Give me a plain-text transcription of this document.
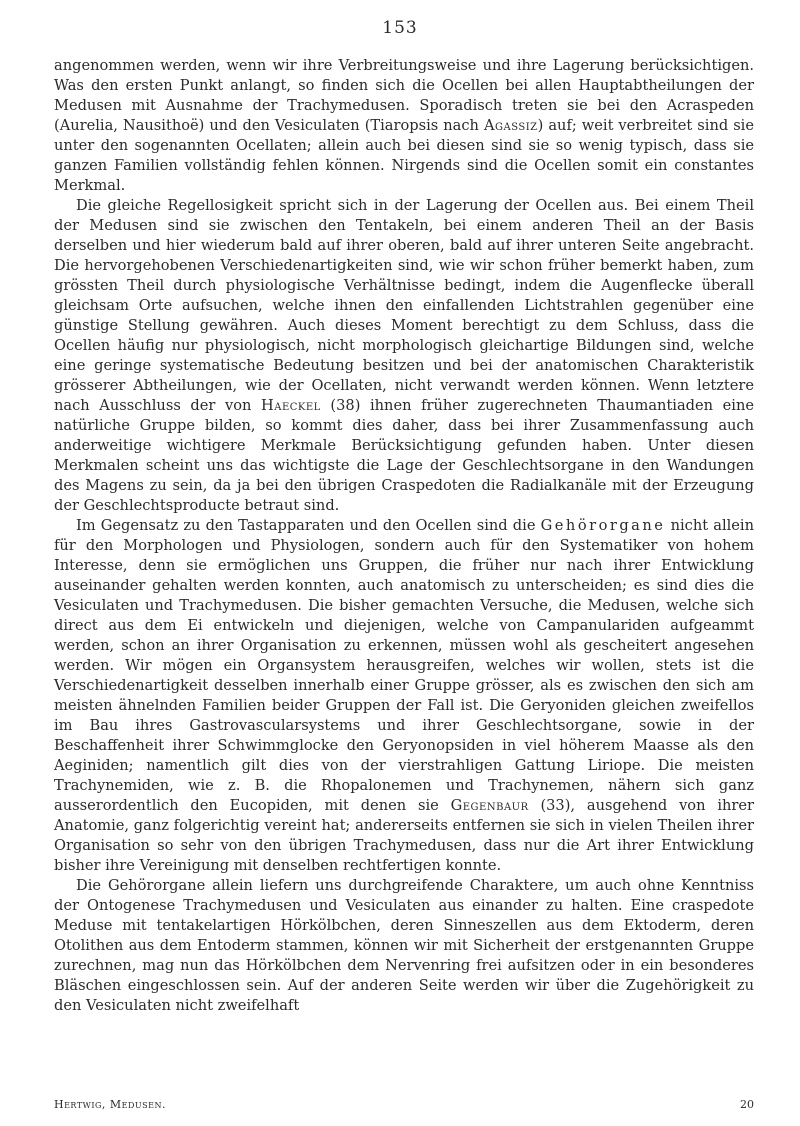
153

angenommen werden, wenn wir ihre Verbreitungsweise und ihre Lagerung berücksichtigen. Was den ersten Punkt anlangt, so finden sich die Ocellen bei allen Hauptabtheilungen der Medusen mit Ausnahme der Trachymedusen. Sporadisch treten sie bei den Acraspeden (Aurelia, Nausithoë) und den Vesiculaten (Tiaropsis nach Agassiz) auf; weit verbreitet sind sie unter den sogenannten Ocellaten; allein auch bei diesen sind sie so wenig typisch, dass sie ganzen Familien vollständig fehlen können. Nirgends sind die Ocellen somit ein constantes Merkmal.

Die gleiche Regellosigkeit spricht sich in der Lagerung der Ocellen aus. Bei einem Theil der Medusen sind sie zwischen den Tentakeln, bei einem anderen Theil an der Basis derselben und hier wiederum bald auf ihrer oberen, bald auf ihrer unteren Seite angebracht. Die hervorgehobenen Verschiedenartigkeiten sind, wie wir schon früher bemerkt haben, zum grössten Theil durch physiologische Verhältnisse bedingt, indem die Augenflecke überall gleichsam Orte aufsuchen, welche ihnen den einfallenden Lichtstrahlen gegenüber eine günstige Stellung gewähren. Auch dieses Moment berechtigt zu dem Schluss, dass die Ocellen häufig nur physiologisch, nicht morphologisch gleichartige Bildungen sind, welche eine geringe systematische Bedeutung besitzen und bei der anatomischen Charakteristik grösserer Abtheilungen, wie der Ocellaten, nicht verwandt werden können. Wenn letztere nach Ausschluss der von Haeckel (38) ihnen früher zugerechneten Thaumantiaden eine natürliche Gruppe bilden, so kommt dies daher, dass bei ihrer Zusammenfassung auch anderweitige wichtigere Merkmale Berücksichtigung gefunden haben. Unter diesen Merkmalen scheint uns das wichtigste die Lage der Geschlechtsorgane in den Wandungen des Magens zu sein, da ja bei den übrigen Craspedoten die Radialkanäle mit der Erzeugung der Geschlechtsproducte betraut sind.

Im Gegensatz zu den Tastapparaten und den Ocellen sind die Gehörorgane nicht allein für den Morphologen und Physiologen, sondern auch für den Systematiker von hohem Interesse, denn sie ermöglichen uns Gruppen, die früher nur nach ihrer Entwicklung auseinander gehalten werden konnten, auch anatomisch zu unterscheiden; es sind dies die Vesiculaten und Trachymedusen. Die bisher gemachten Versuche, die Medusen, welche sich direct aus dem Ei entwickeln und diejenigen, welche von Campanulariden aufgeammt werden, schon an ihrer Organisation zu erkennen, müssen wohl als gescheitert angesehen werden. Wir mögen ein Organsystem herausgreifen, welches wir wollen, stets ist die Verschiedenartigkeit desselben innerhalb einer Gruppe grösser, als es zwischen den sich am meisten ähnelnden Familien beider Gruppen der Fall ist. Die Geryoniden gleichen zweifellos im Bau ihres Gastrovascularsystems und ihrer Geschlechtsorgane, sowie in der Beschaffenheit ihrer Schwimmglocke den Geryonopsiden in viel höherem Maasse als den Aeginiden; namentlich gilt dies von der vierstrahligen Gattung Liriope. Die meisten Trachynemiden, wie z. B. die Rhopalonemen und Trachynemen, nähern sich ganz ausserordentlich den Eucopiden, mit denen sie Gegenbaur (33), ausgehend von ihrer Anatomie, ganz folgerichtig vereint hat; andererseits entfernen sie sich in vielen Theilen ihrer Organisation so sehr von den übrigen Trachymedusen, dass nur die Art ihrer Entwicklung bisher ihre Vereinigung mit denselben rechtfertigen konnte.

Die Gehörorgane allein liefern uns durchgreifende Charaktere, um auch ohne Kenntniss der Ontogenese Trachymedusen und Vesiculaten aus einander zu halten. Eine craspedote Meduse mit tentakelartigen Hörkölbchen, deren Sinneszellen aus dem Ektoderm, deren Otolithen aus dem Entoderm stammen, können wir mit Sicherheit der erstgenannten Gruppe zurechnen, mag nun das Hörkölbchen dem Nervenring frei aufsitzen oder in ein besonderes Bläschen eingeschlossen sein. Auf der anderen Seite werden wir über die Zugehörigkeit zu den Vesiculaten nicht zweifelhaft

Hertwig, Medusen.	20
